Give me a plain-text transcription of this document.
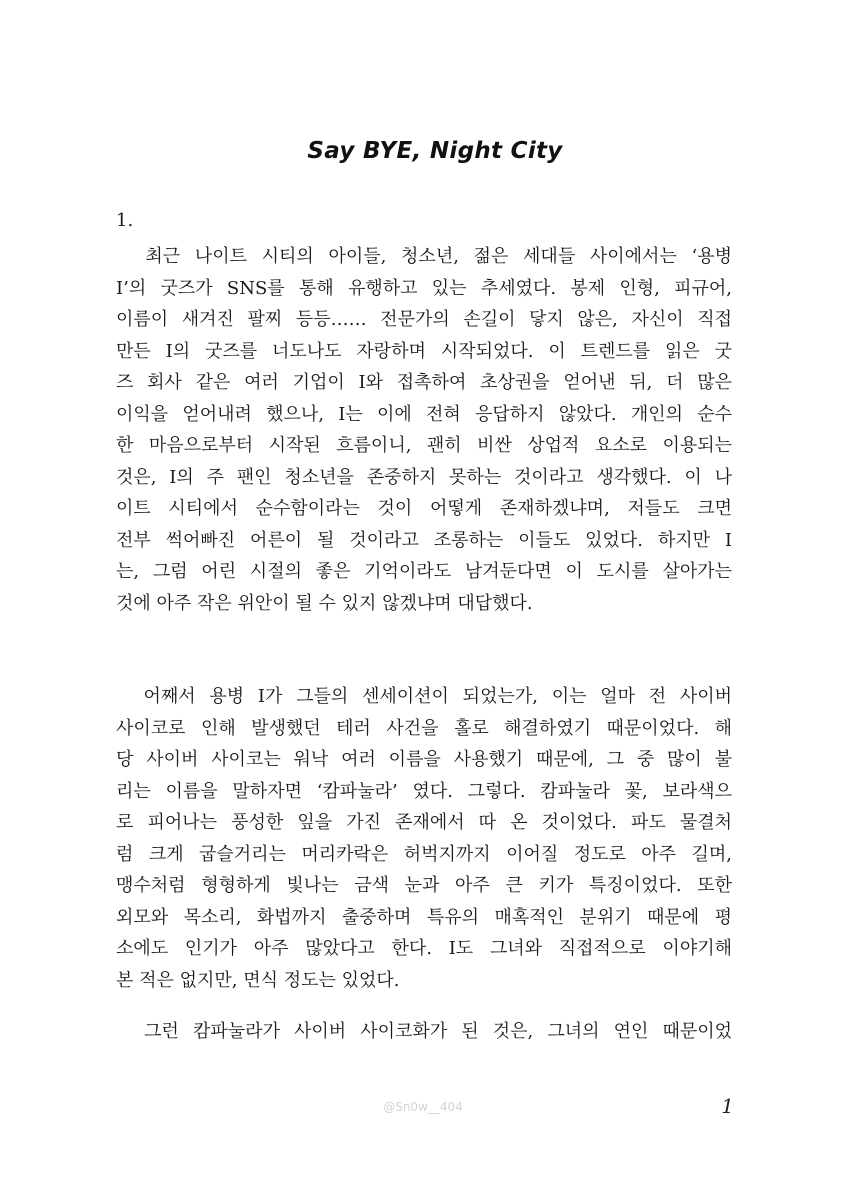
Say BYE, Night City

1.

최근 나이트 시티의 아이들, 청소년, 젊은 세대들 사이에서는 ‘용병
I’의 굿즈가 SNS를 통해 유행하고 있는 추세였다. 봉제 인형, 피규어,
이름이 새겨진 팔찌 등등…… 전문가의 손길이 닿지 않은, 자신이 직접
만든 I의 굿즈를 너도나도 자랑하며 시작되었다. 이 트렌드를 읽은 굿
즈 회사 같은 여러 기업이 I와 접촉하여 초상권을 얻어낸 뒤, 더 많은
이익을 얻어내려 했으나, I는 이에 전혀 응답하지 않았다. 개인의 순수
한 마음으로부터 시작된 흐름이니, 괜히 비싼 상업적 요소로 이용되는
것은, I의 주 팬인 청소년을 존중하지 못하는 것이라고 생각했다. 이 나
이트 시티에서 순수함이라는 것이 어떻게 존재하겠냐며, 저들도 크면
전부 썩어빠진 어른이 될 것이라고 조롱하는 이들도 있었다. 하지만 I
는, 그럼 어린 시절의 좋은 기억이라도 남겨둔다면 이 도시를 살아가는
것에 아주 작은 위안이 될 수 있지 않겠냐며 대답했다.
어째서 용병 I가 그들의 센세이션이 되었는가, 이는 얼마 전 사이버
사이코로 인해 발생했던 테러 사건을 홀로 해결하였기 때문이었다. 해
당 사이버 사이코는 워낙 여러 이름을 사용했기 때문에, 그 중 많이 불
리는 이름을 말하자면 ‘캄파눌라’ 였다. 그렇다. 캄파눌라 꽃, 보라색으
로 피어나는 풍성한 잎을 가진 존재에서 따 온 것이었다. 파도 물결처
럼 크게 굽슬거리는 머리카락은 허벅지까지 이어질 정도로 아주 길며,
맹수처럼 형형하게 빛나는 금색 눈과 아주 큰 키가 특징이었다. 또한
외모와 목소리, 화법까지 출중하며 특유의 매혹적인 분위기 때문에 평
소에도 인기가 아주 많았다고 한다. I도 그녀와 직접적으로 이야기해
본 적은 없지만, 면식 정도는 있었다.
그런 캄파눌라가 사이버 사이코화가 된 것은, 그녀의 연인 때문이었

@Sn0w__404	1
